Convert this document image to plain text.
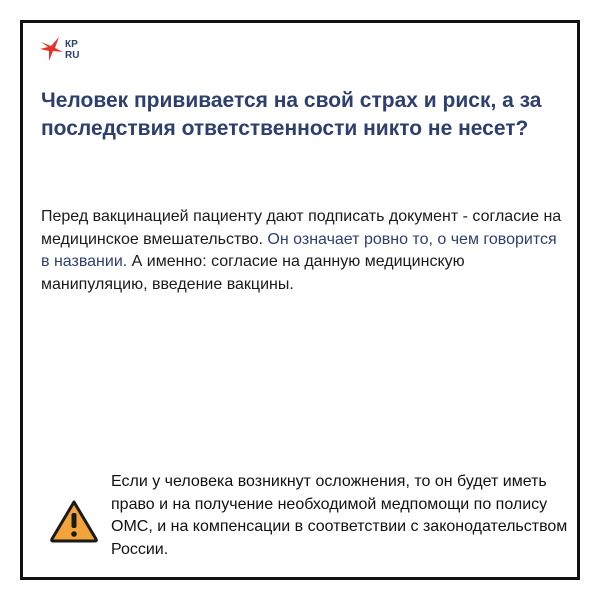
КР
RU
Человек прививается на свой страх и риск, а за последствия ответственности никто не несет?

Перед вакцинацией пациенту дают подписать документ - согласие на медицинское вмешательство. Он означает ровно то, о чем говорится в названии. А именно: согласие на данную медицинскую манипуляцию, введение вакцины.

Если у человека возникнут осложнения, то он будет иметь право и на получение необходимой медпомощи по полису ОМС, и на компенсации в соответствии с законодательством России.
